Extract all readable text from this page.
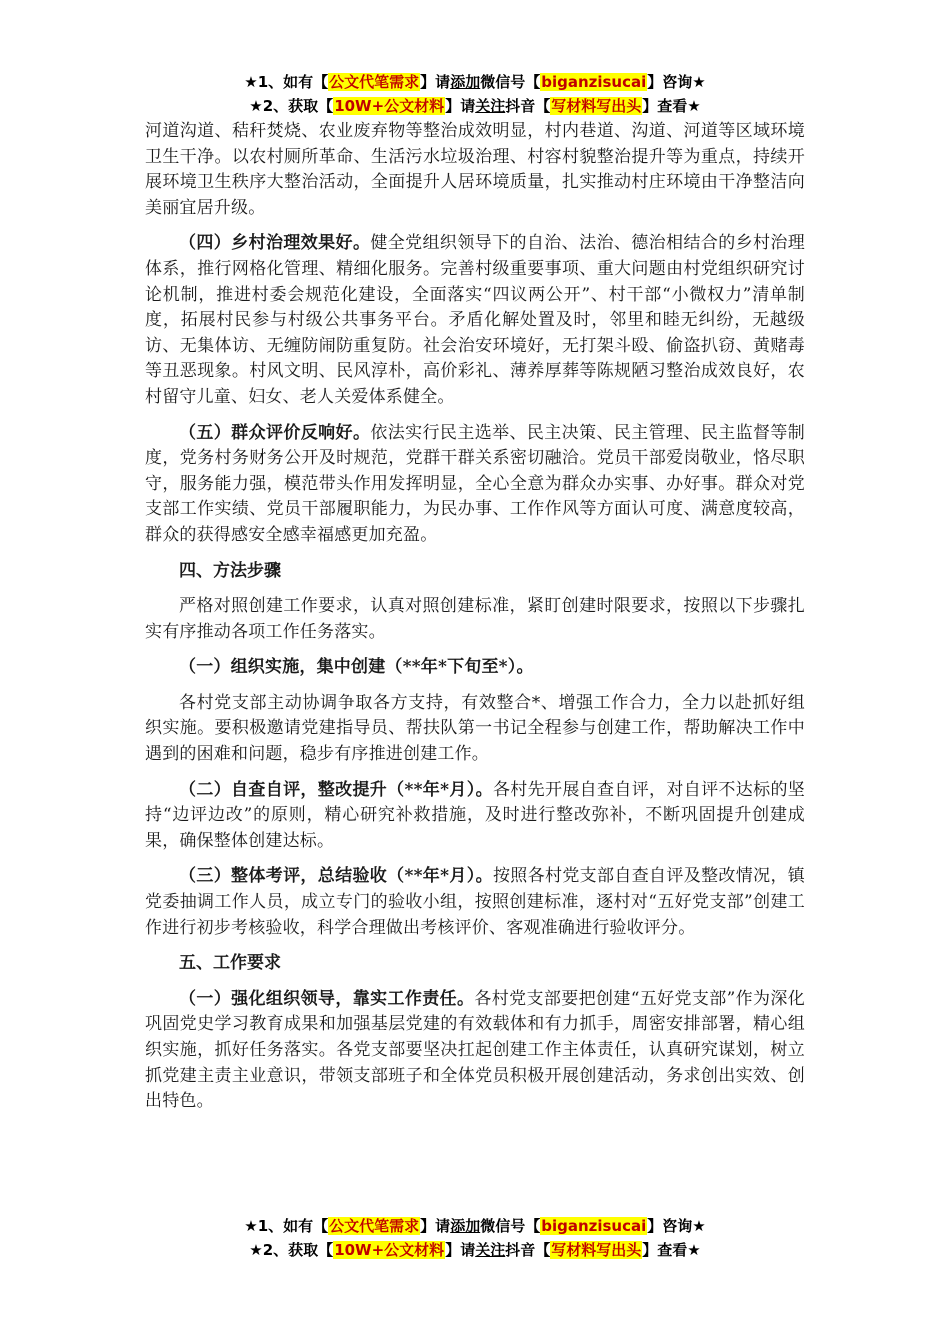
★1、如有【公文代笔需求】请添加微信号【biganzisucai】咨询★
★2、获取【10W+公文材料】请关注抖音【写材料写出头】查看★

河道沟道、秸秆焚烧、农业废弃物等整治成效明显，村内巷道、沟道、河道等区域环境卫生干净。以农村厕所革命、生活污水垃圾治理、村容村貌整治提升等为重点，持续开展环境卫生秩序大整治活动，全面提升人居环境质量，扎实推动村庄环境由干净整洁向美丽宜居升级。

（四）乡村治理效果好。健全党组织领导下的自治、法治、德治相结合的乡村治理体系，推行网格化管理、精细化服务。完善村级重要事项、重大问题由村党组织研究讨论机制，推进村委会规范化建设，全面落实“四议两公开”、村干部“小微权力”清单制度，拓展村民参与村级公共事务平台。矛盾化解处置及时，邻里和睦无纠纷，无越级访、无集体访、无缠防闹防重复防。社会治安环境好，无打架斗殴、偷盗扒窃、黄赌毒等丑恶现象。村风文明、民风淳朴，高价彩礼、薄养厚葬等陈规陋习整治成效良好，农村留守儿童、妇女、老人关爱体系健全。

（五）群众评价反响好。依法实行民主选举、民主决策、民主管理、民主监督等制度，党务村务财务公开及时规范，党群干群关系密切融洽。党员干部爱岗敬业，恪尽职守，服务能力强，模范带头作用发挥明显，全心全意为群众办实事、办好事。群众对党支部工作实绩、党员干部履职能力，为民办事、工作作风等方面认可度、满意度较高，群众的获得感安全感幸福感更加充盈。

四、方法步骤

严格对照创建工作要求，认真对照创建标准，紧盯创建时限要求，按照以下步骤扎实有序推动各项工作任务落实。

（一）组织实施，集中创建（**年*下旬至*）。

各村党支部主动协调争取各方支持，有效整合*、增强工作合力，全力以赴抓好组织实施。要积极邀请党建指导员、帮扶队第一书记全程参与创建工作，帮助解决工作中遇到的困难和问题，稳步有序推进创建工作。

（二）自查自评，整改提升（**年*月）。各村先开展自查自评，对自评不达标的坚持“边评边改”的原则，精心研究补救措施，及时进行整改弥补，不断巩固提升创建成果，确保整体创建达标。

（三）整体考评，总结验收（**年*月）。按照各村党支部自查自评及整改情况，镇党委抽调工作人员，成立专门的验收小组，按照创建标准，逐村对“五好党支部”创建工作进行初步考核验收，科学合理做出考核评价、客观准确进行验收评分。

五、工作要求

（一）强化组织领导，靠实工作责任。各村党支部要把创建“五好党支部”作为深化巩固党史学习教育成果和加强基层党建的有效载体和有力抓手，周密安排部署，精心组织实施，抓好任务落实。各党支部要坚决扛起创建工作主体责任，认真研究谋划，树立抓党建主责主业意识，带领支部班子和全体党员积极开展创建活动，务求创出实效、创出特色。

★1、如有【公文代笔需求】请添加微信号【biganzisucai】咨询★
★2、获取【10W+公文材料】请关注抖音【写材料写出头】查看★
